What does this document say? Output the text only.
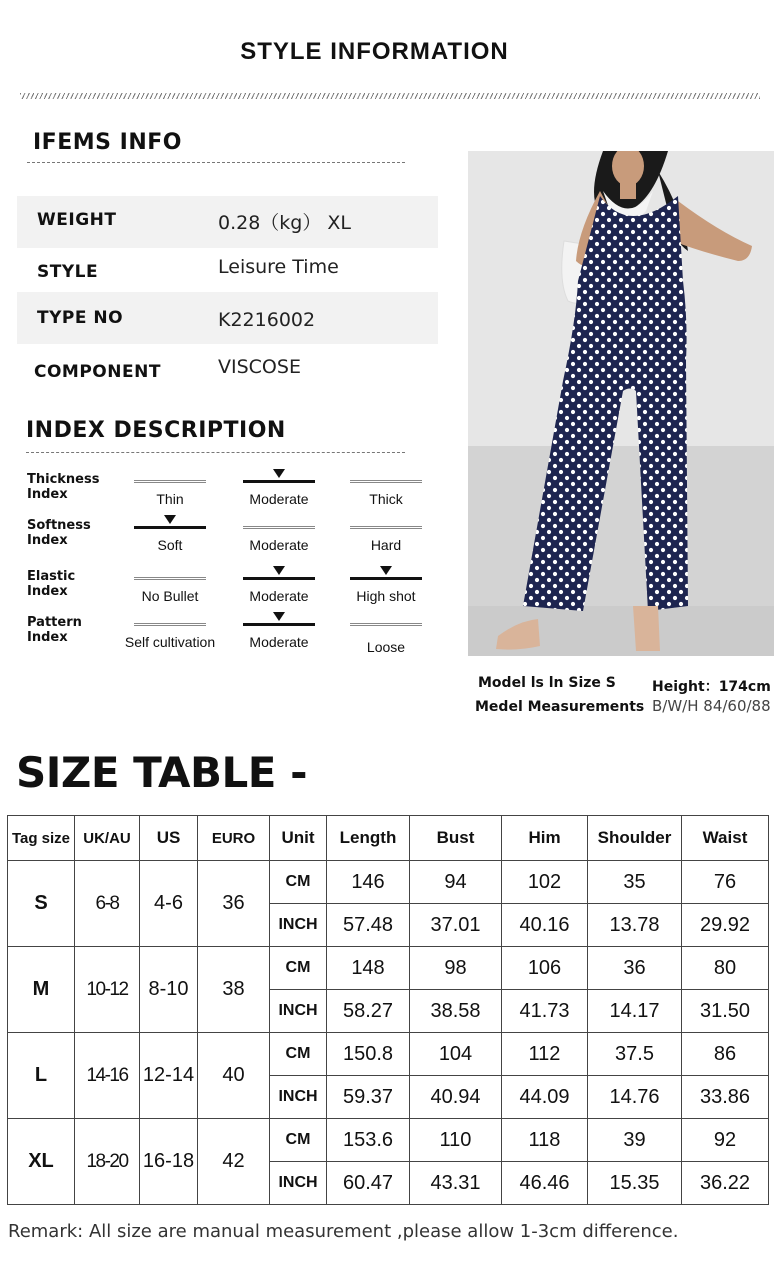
STYLE INFORMATION
IFEMS INFO
WEIGHT	0.28（kg） XL
STYLE	Leisure Time
TYPE NO	K2216002
COMPONENT	VISCOSE
INDEX DESCRIPTION
Thickness
Index	Thin	Moderate	Thick
Softness
Index	Soft	Moderate	Hard
Elastic
Index	No Bullet	Moderate	High shot
Pattern
Index	Self cultivation	Moderate	Loose
Model ls ln Size S
Medel Measurements
Height：174cm
B/W/H 84/60/88
SIZE TABLE -
Tag size	UK/AU	US	EURO	Unit	Length	Bust	Him	Shoulder	Waist
S	6-8	4-6	36	CM	146	94	102	35	76
				INCH	57.48	37.01	40.16	13.78	29.92
M	10-12	8-10	38	CM	148	98	106	36	80
				INCH	58.27	38.58	41.73	14.17	31.50
L	14-16	12-14	40	CM	150.8	104	112	37.5	86
				INCH	59.37	40.94	44.09	14.76	33.86
XL	18-20	16-18	42	CM	153.6	110	118	39	92
				INCH	60.47	43.31	46.46	15.35	36.22
Remark: All size are manual measurement ,please allow 1-3cm difference.
